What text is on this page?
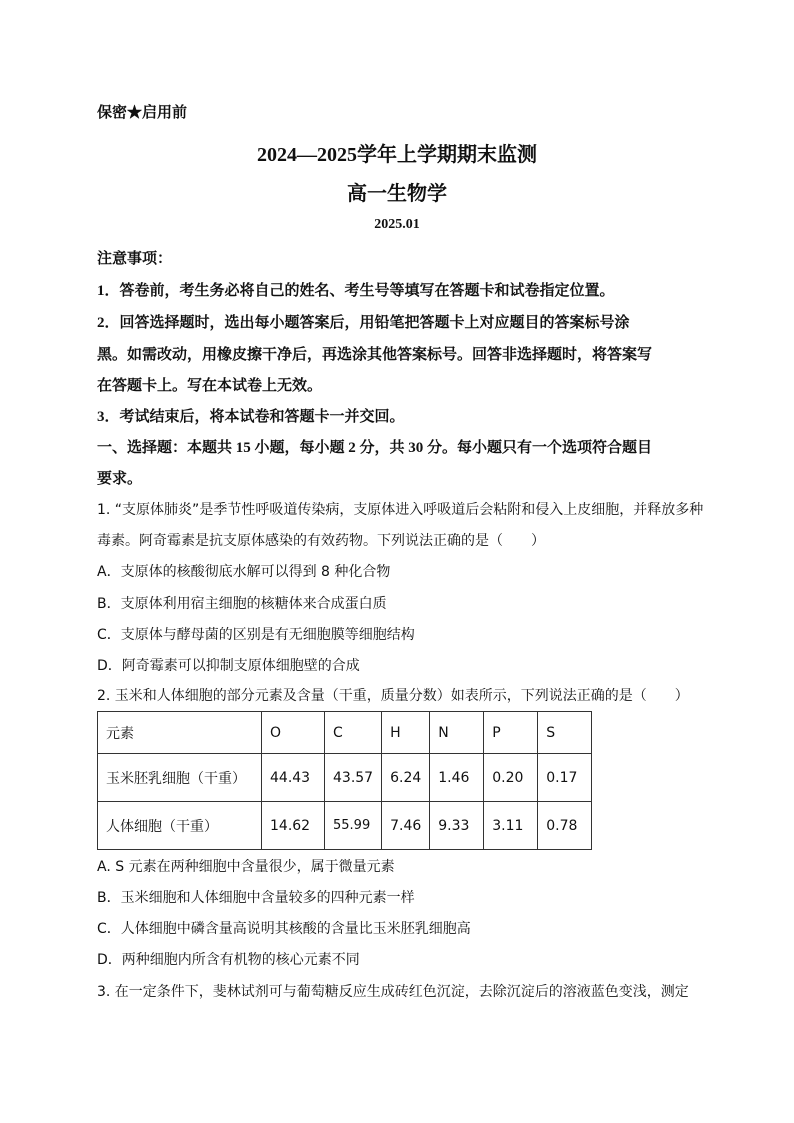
保密★启用前
2024—2025学年上学期期末监测
高一生物学
2025.01
注意事项：
1．答卷前，考生务必将自己的姓名、考生号等填写在答题卡和试卷指定位置。
2．回答选择题时，选出每小题答案后，用铅笔把答题卡上对应题目的答案标号涂
黑。如需改动，用橡皮擦干净后，再选涂其他答案标号。回答非选择题时，将答案写
在答题卡上。写在本试卷上无效。
3．考试结束后，将本试卷和答题卡一并交回。
一、选择题：本题共 15 小题，每小题 2 分，共 30 分。每小题只有一个选项符合题目
要求。
1. “支原体肺炎”是季节性呼吸道传染病，支原体进入呼吸道后会粘附和侵入上皮细胞，并释放多种
毒素。阿奇霉素是抗支原体感染的有效药物。下列说法正确的是（　　）
A．支原体的核酸彻底水解可以得到 8 种化合物
B．支原体利用宿主细胞的核糖体来合成蛋白质
C．支原体与酵母菌的区别是有无细胞膜等细胞结构
D．阿奇霉素可以抑制支原体细胞壁的合成
2. 玉米和人体细胞的部分元素及含量（干重，质量分数）如表所示，下列说法正确的是（　　）
元素	O	C	H	N	P	S
玉米胚乳细胞（干重）	44.43	43.57	6.24	1.46	0.20	0.17
人体细胞（干重）	14.62	55.99	7.46	9.33	3.11	0.78
A. S 元素在两种细胞中含量很少，属于微量元素
B．玉米细胞和人体细胞中含量较多的四种元素一样
C．人体细胞中磷含量高说明其核酸的含量比玉米胚乳细胞高
D．两种细胞内所含有机物的核心元素不同
3. 在一定条件下，斐林试剂可与葡萄糖反应生成砖红色沉淀，去除沉淀后的溶液蓝色变浅，测定
